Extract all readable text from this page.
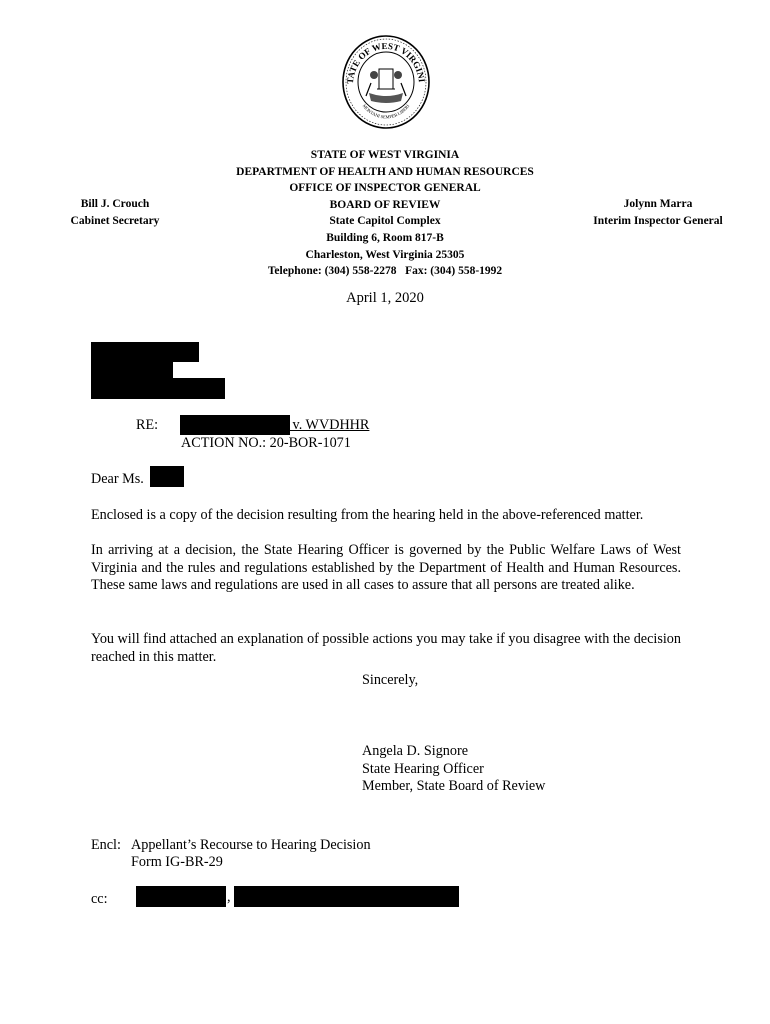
TATE OF WEST VIRGINI
MONTANI SEMPER LIBERI
STATE OF WEST VIRGINIA
DEPARTMENT OF HEALTH AND HUMAN RESOURCES
OFFICE OF INSPECTOR GENERAL
BOARD OF REVIEW
State Capitol Complex
Building 6, Room 817-B
Charleston, West Virginia 25305
Telephone: (304) 558-2278   Fax: (304) 558-1992
Bill J. Crouch
Cabinet Secretary
Jolynn Marra
Interim Inspector General
April 1, 2020
RE:	v. WVDHHR
ACTION NO.: 20-BOR-1071
Dear Ms.
Enclosed is a copy of the decision resulting from the hearing held in the above-referenced matter.
In arriving at a decision, the State Hearing Officer is governed by the Public Welfare Laws of West Virginia and the rules and regulations established by the Department of Health and Human Resources. These same laws and regulations are used in all cases to assure that all persons are treated alike.
You will find attached an explanation of possible actions you may take if you disagree with the decision reached in this matter.
Sincerely,
Angela D. Signore
State Hearing Officer
Member, State Board of Review
Encl: Appellant’s Recourse to Hearing Decision
Form IG-BR-29
cc:	,
